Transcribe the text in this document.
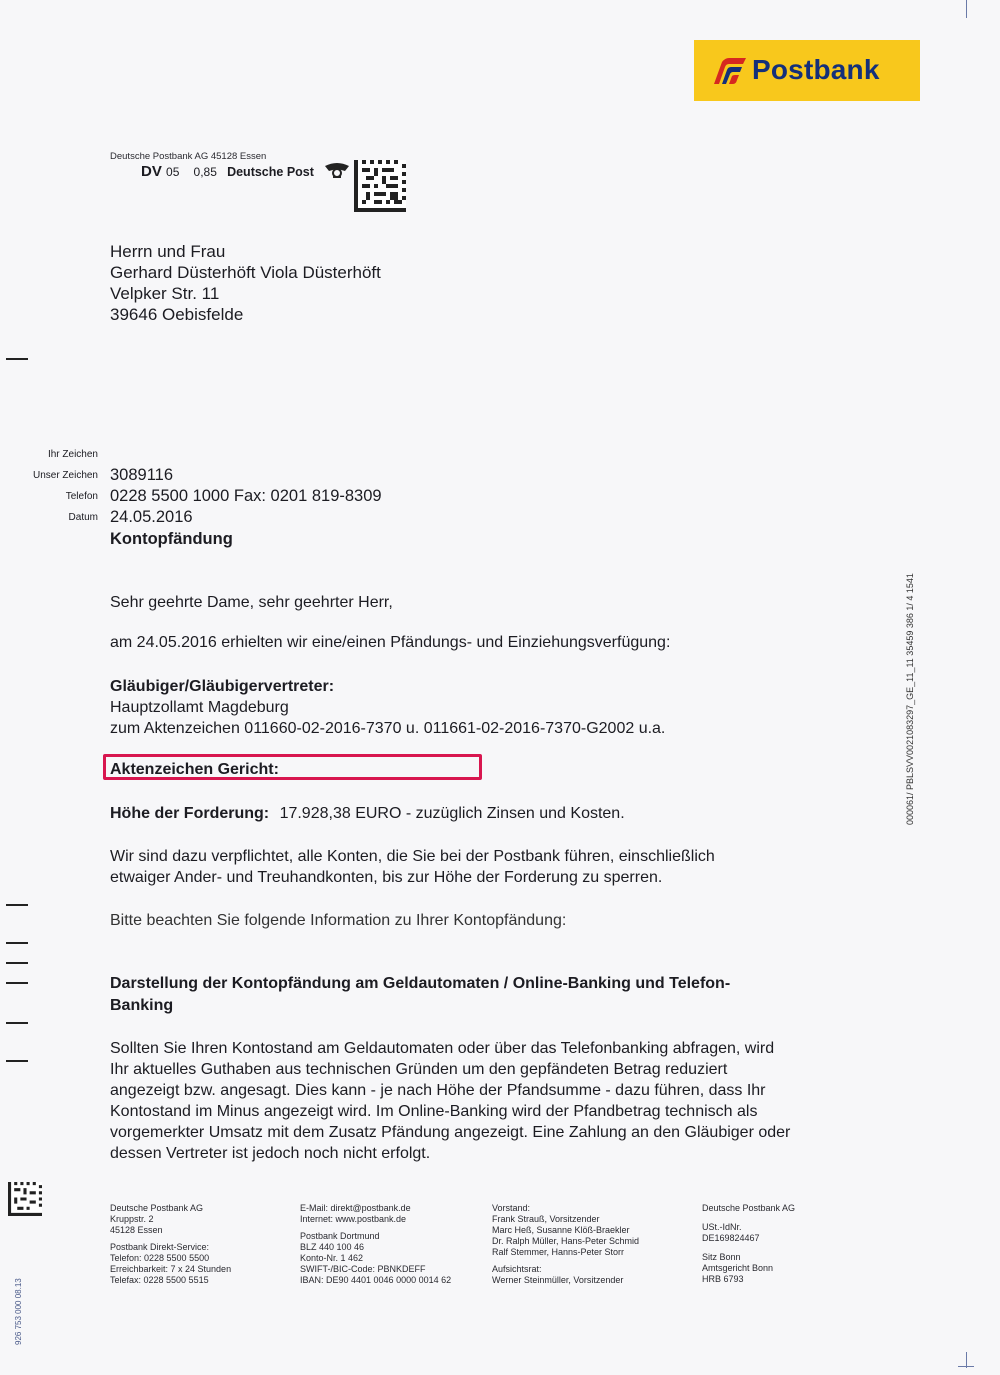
Postbank
Deutsche Postbank AG 45128 Essen
DV 05 0,85 Deutsche Post
Herrn und Frau
Gerhard Düsterhöft Viola Düsterhöft
Velpker Str. 11
39646 Oebisfelde
Ihr Zeichen
Unser Zeichen 3089116
Telefon 0228 5500 1000 Fax: 0201 819-8309
Datum 24.05.2016
Kontopfändung
000061/ PBLSVV0021083297_GE_11_11 35459 386 1/ 4 1541
Sehr geehrte Dame, sehr geehrter Herr,
am 24.05.2016 erhielten wir eine/einen Pfändungs- und Einziehungsverfügung:
Gläubiger/Gläubigervertreter:
Hauptzollamt Magdeburg
zum Aktenzeichen 011660-02-2016-7370 u. 011661-02-2016-7370-G2002 u.a.
Aktenzeichen Gericht:
Höhe der Forderung: 17.928,38 EURO - zuzüglich Zinsen und Kosten.
Wir sind dazu verpflichtet, alle Konten, die Sie bei der Postbank führen, einschließlich
etwaiger Ander- und Treuhandkonten, bis zur Höhe der Forderung zu sperren.
Bitte beachten Sie folgende Information zu Ihrer Kontopfändung:
Darstellung der Kontopfändung am Geldautomaten / Online-Banking und Telefon-
Banking
Sollten Sie Ihren Kontostand am Geldautomaten oder über das Telefonbanking abfragen, wird
Ihr aktuelles Guthaben aus technischen Gründen um den gepfändeten Betrag reduziert
angezeigt bzw. angesagt. Dies kann - je nach Höhe der Pfandsumme - dazu führen, dass Ihr
Kontostand im Minus angezeigt wird. Im Online-Banking wird der Pfandbetrag technisch als
vorgemerkter Umsatz mit dem Zusatz Pfändung angezeigt. Eine Zahlung an den Gläubiger oder
dessen Vertreter ist jedoch noch nicht erfolgt.
Deutsche Postbank AG
Kruppstr. 2
45128 Essen
Postbank Direkt-Service:
Telefon: 0228 5500 5500
Erreichbarkeit: 7 x 24 Stunden
Telefax: 0228 5500 5515
E-Mail: direkt@postbank.de
Internet: www.postbank.de
Postbank Dortmund
BLZ 440 100 46
Konto-Nr. 1 462
SWIFT-/BIC-Code: PBNKDEFF
IBAN: DE90 4401 0046 0000 0014 62
Vorstand:
Frank Strauß, Vorsitzender
Marc Heß, Susanne Klöß-Braekler
Dr. Ralph Müller, Hans-Peter Schmid
Ralf Stemmer, Hanns-Peter Storr
Aufsichtsrat:
Werner Steinmüller, Vorsitzender
Deutsche Postbank AG
USt.-IdNr.
DE169824467
Sitz Bonn
Amtsgericht Bonn
HRB 6793
926 753 000 08.13
